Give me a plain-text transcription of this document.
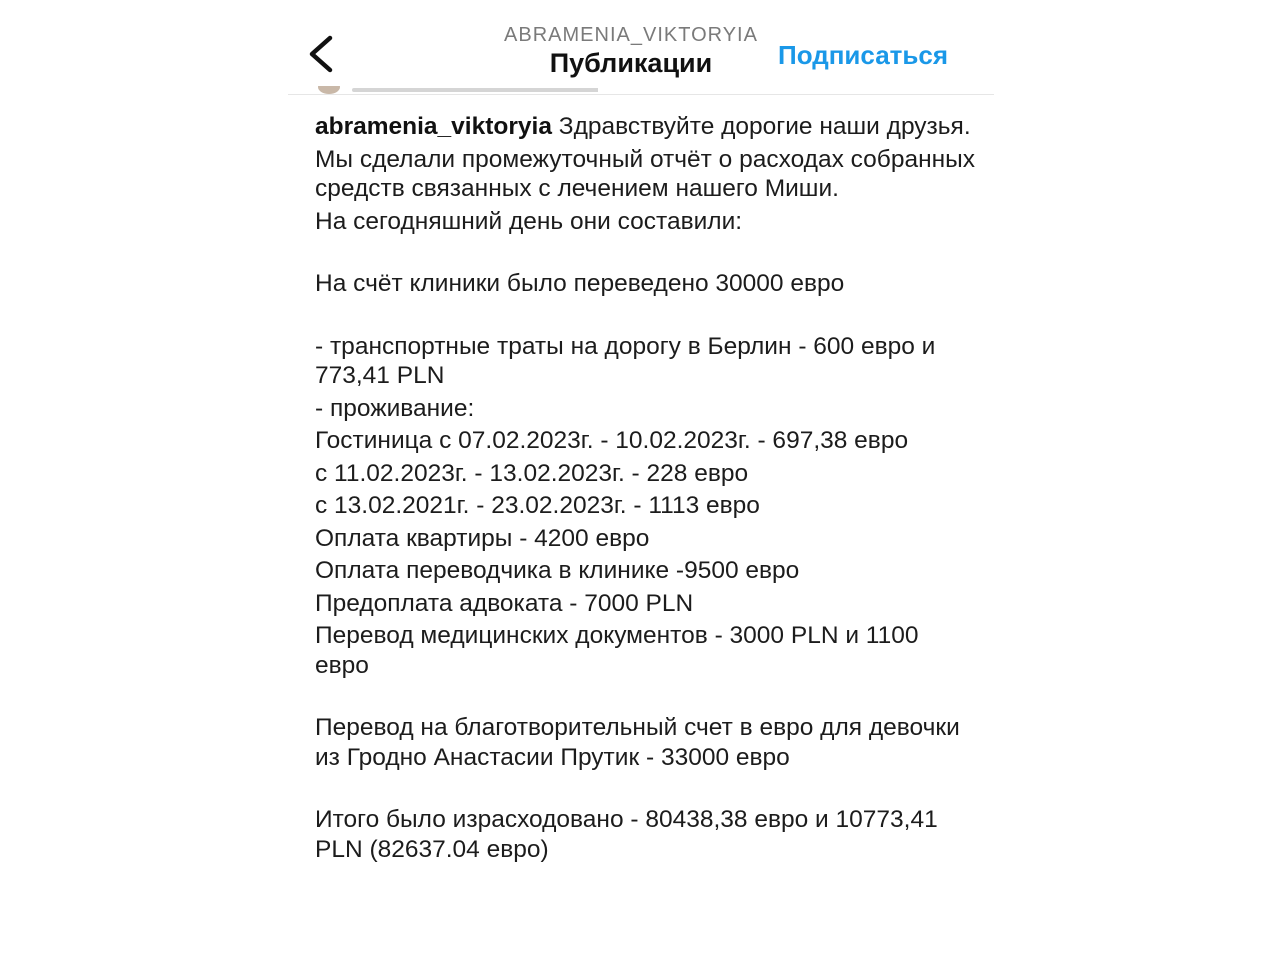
ABRAMENIA_VIKTORYIA
Публикации	Подписаться

abramenia_viktoryia Здравствуйте дорогие наши друзья.

Мы сделали промежуточный отчёт о расходах собранных средств связанных с лечением нашего Миши.

На сегодняшний день они составили:

На счёт клиники было переведено 30000 евро

- транспортные траты на дорогу в Берлин - 600 евро и 773,41 PLN

- проживание:

Гостиница с 07.02.2023г. - 10.02.2023г. - 697,38 евро

с 11.02.2023г. - 13.02.2023г. - 228 евро

с 13.02.2021г. - 23.02.2023г. - 1113 евро

Оплата квартиры - 4200 евро

Оплата переводчика в клинике -9500 евро

Предоплата адвоката - 7000 PLN

Перевод медицинских документов - 3000 PLN и 1100 евро

Перевод на благотворительный счет в евро для девочки из Гродно Анастасии Прутик - 33000 евро

Итого было израсходовано - 80438,38 евро и 10773,41 PLN (82637.04 евро)
